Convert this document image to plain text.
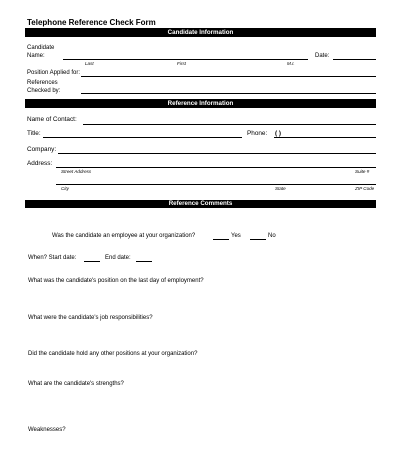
Telephone Reference Check Form
Candidate Information
Candidate Name:	Date:
Last	First	M.I.
Position Applied for:
References Checked by:
Reference Information
Name of Contact:
Title:	Phone: ( )
Company:
Address:
Street Address	Suite #
City	State	ZIP Code
Reference Comments
Was the candidate an employee at your organization?	Yes	No
When? Start date:	End date:
What was the candidate's position on the last day of employment?
What were the candidate's job responsibilities?
Did the candidate hold any other positions at your organization?
What are the candidate's strengths?
Weaknesses?
